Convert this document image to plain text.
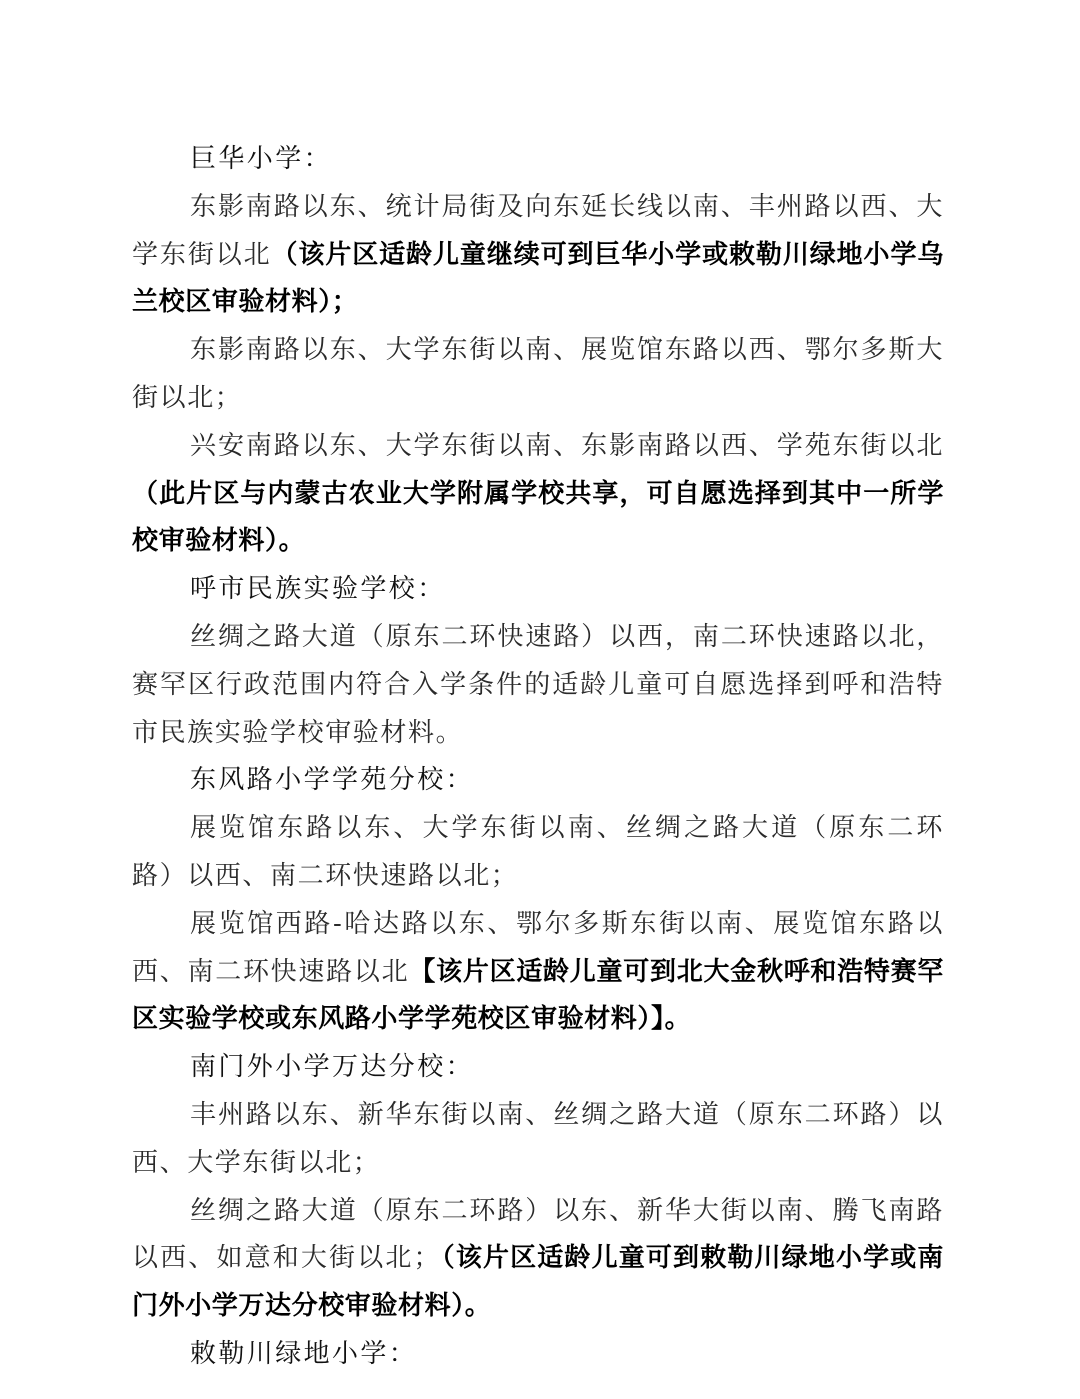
巨华小学：

东影南路以东、统计局街及向东延长线以南、丰州路以西、大学东街以北（该片区适龄儿童继续可到巨华小学或敕勒川绿地小学乌兰校区审验材料）；

东影南路以东、大学东街以南、展览馆东路以西、鄂尔多斯大街以北；

兴安南路以东、大学东街以南、东影南路以西、学苑东街以北（此片区与内蒙古农业大学附属学校共享，可自愿选择到其中一所学校审验材料）。

呼市民族实验学校：

丝绸之路大道（原东二环快速路）以西，南二环快速路以北，赛罕区行政范围内符合入学条件的适龄儿童可自愿选择到呼和浩特市民族实验学校审验材料。

东风路小学学苑分校：

展览馆东路以东、大学东街以南、丝绸之路大道（原东二环路）以西、南二环快速路以北；

展览馆西路-哈达路以东、鄂尔多斯东街以南、展览馆东路以西、南二环快速路以北【该片区适龄儿童可到北大金秋呼和浩特赛罕区实验学校或东风路小学学苑校区审验材料）】。

南门外小学万达分校：

丰州路以东、新华东街以南、丝绸之路大道（原东二环路）以西、大学东街以北；

丝绸之路大道（原东二环路）以东、新华大街以南、腾飞南路以西、如意和大街以北；（该片区适龄儿童可到敕勒川绿地小学或南门外小学万达分校审验材料）。

敕勒川绿地小学：
